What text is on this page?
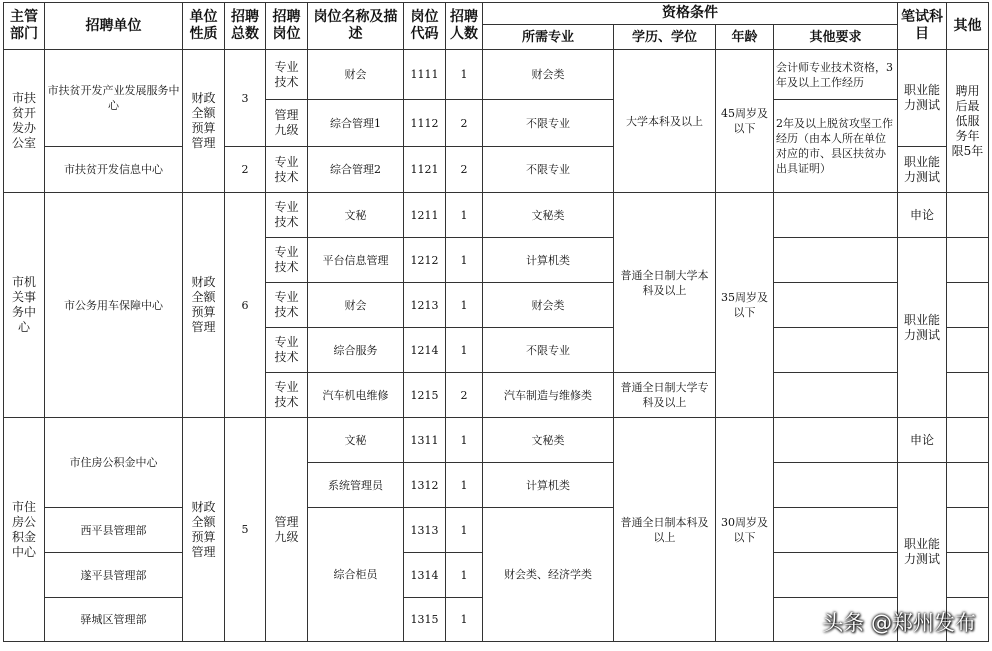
主管部门	招聘单位	单位性质	招聘总数	招聘岗位	岗位名称及描述	岗位代码	招聘人数	资格条件				笔试科目	其他
								所需专业	学历、学位	年龄	其他要求		
市扶贫开发办公室	市扶贫开发产业发展服务中心	财政全额预算管理	3	专业技术	财会	1111	1	财会类	大学本科及以上	45周岁及以下	会计师专业技术资格，3年及以上工作经历	职业能力测试	聘用后最低服务年限5年
				管理九级	综合管理1	1112	2	不限专业			2年及以上脱贫攻坚工作经历（由本人所在单位对应的市、县区扶贫办出具证明）		
	市扶贫开发信息中心		2	专业技术	综合管理2	1121	2	不限专业				职业能力测试	
市机关事务中心	市公务用车保障中心	财政全额预算管理	6	专业技术	文秘	1211	1	文秘类	普通全日制大学本科及以上	35周岁及以下		申论	
				专业技术	平台信息管理	1212	1	计算机类				职业能力测试	
				专业技术	财会	1213	1	财会类					
				专业技术	综合服务	1214	1	不限专业					
				专业技术	汽车机电维修	1215	2	汽车制造与维修类	普通全日制大学专科及以上				
市住房公积金中心	市住房公积金中心	财政全额预算管理	5	管理九级	文秘	1311	1	文秘类	普通全日制本科及以上	30周岁及以下		申论	
					系统管理员	1312	1	计算机类				职业能力测试	
	西平县管理部				综合柜员	1313	1	财会类、经济学类					
	遂平县管理部					1314	1						
	驿城区管理部					1315	1							头条 @郑州发布
